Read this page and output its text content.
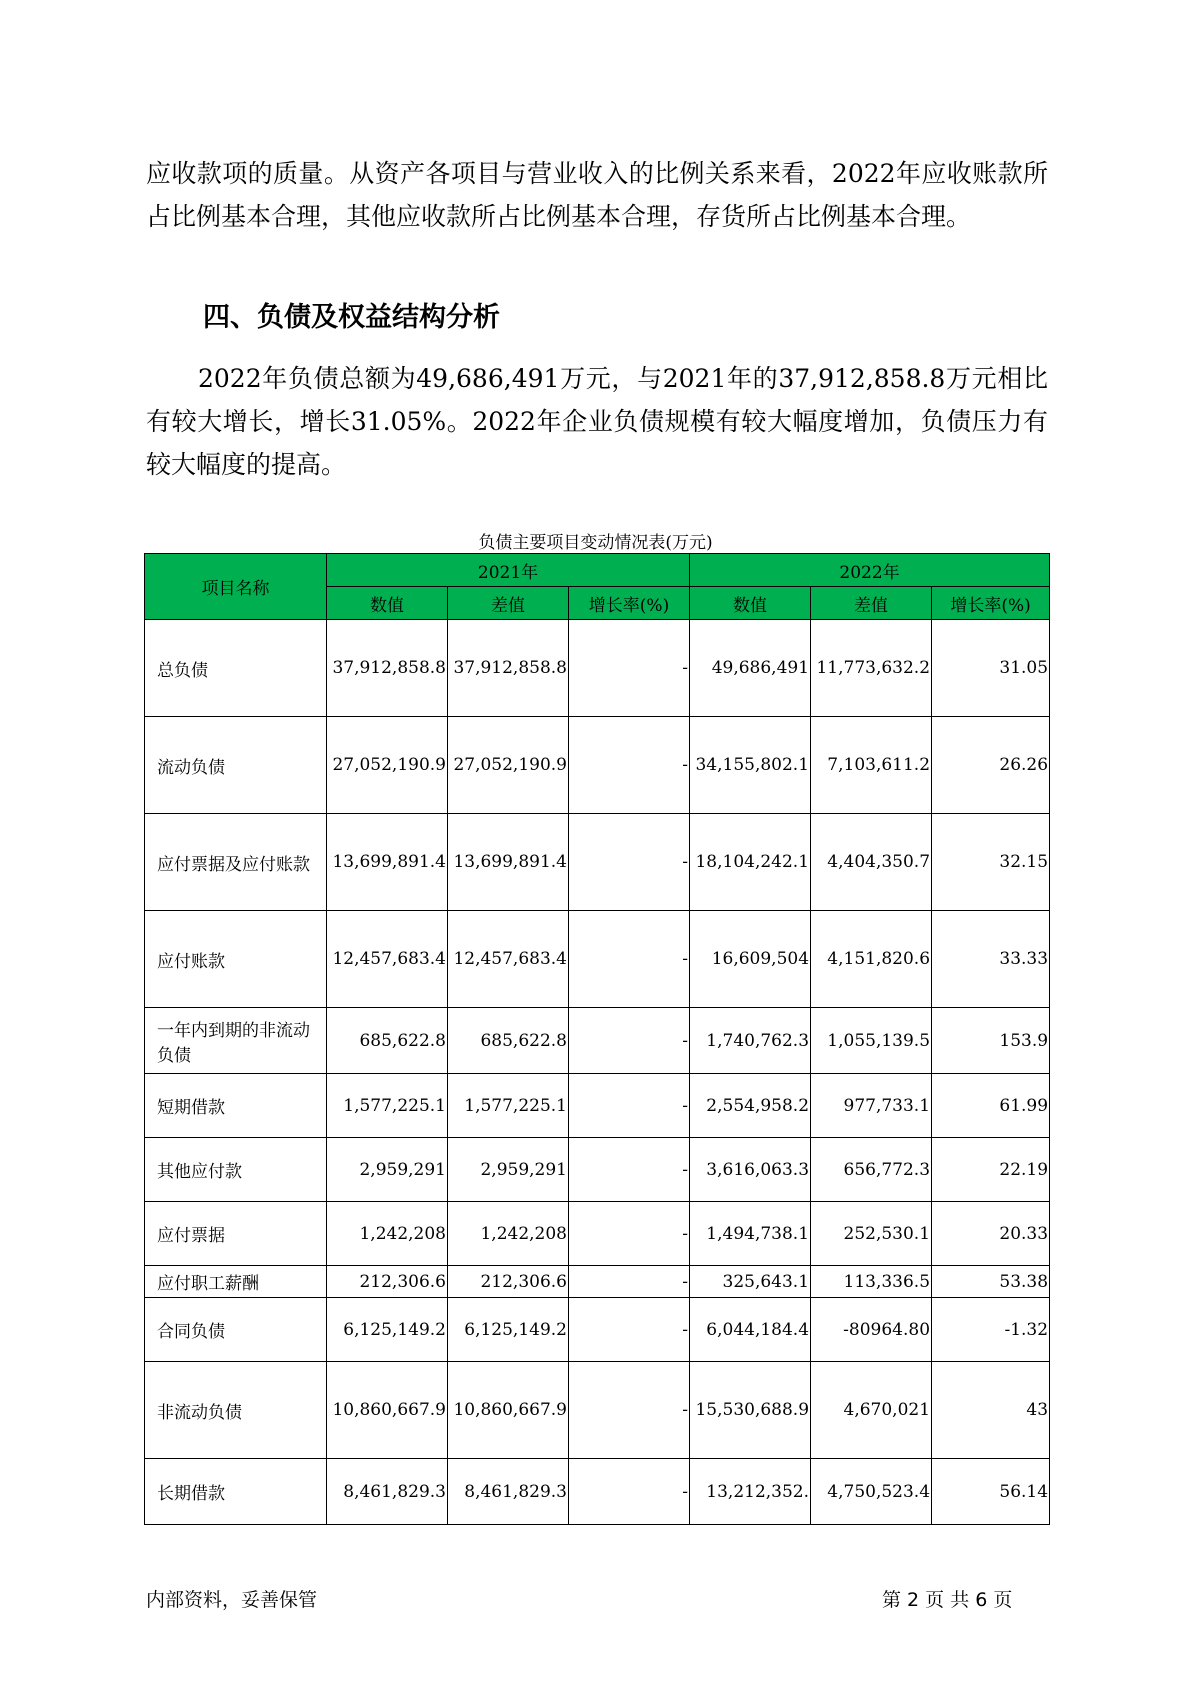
应收款项的质量。从资产各项目与营业收入的比例关系来看，2022年应收账款所占比例基本合理，其他应收款所占比例基本合理，存货所占比例基本合理。

四、负债及权益结构分析

2022年负债总额为49,686,491万元，与2021年的37,912,858.8万元相比有较大增长，增长31.05%。2022年企业负债规模有较大幅度增加，负债压力有较大幅度的提高。

负债主要项目变动情况表(万元)
项目名称	2021年			2022年		
	数值	差值	增长率(%)	数值	差值	增长率(%)
总负债	37,912,858.8	37,912,858.8	-	49,686,491	11,773,632.2	31.05
流动负债	27,052,190.9	27,052,190.9	-	34,155,802.1	7,103,611.2	26.26
应付票据及应付账款	13,699,891.4	13,699,891.4	-	18,104,242.1	4,404,350.7	32.15
应付账款	12,457,683.4	12,457,683.4	-	16,609,504	4,151,820.6	33.33
一年内到期的非流动负债	685,622.8	685,622.8	-	1,740,762.3	1,055,139.5	153.9
短期借款	1,577,225.1	1,577,225.1	-	2,554,958.2	977,733.1	61.99
其他应付款	2,959,291	2,959,291	-	3,616,063.3	656,772.3	22.19
应付票据	1,242,208	1,242,208	-	1,494,738.1	252,530.1	20.33
应付职工薪酬	212,306.6	212,306.6	-	325,643.1	113,336.5	53.38
合同负债	6,125,149.2	6,125,149.2	-	6,044,184.4	-80964.80	-1.32
非流动负债	10,860,667.9	10,860,667.9	-	15,530,688.9	4,670,021	43
长期借款	8,461,829.3	8,461,829.3	-	13,212,352.	4,750,523.4	56.14
内部资料，妥善保管	第 2 页 共 6 页
